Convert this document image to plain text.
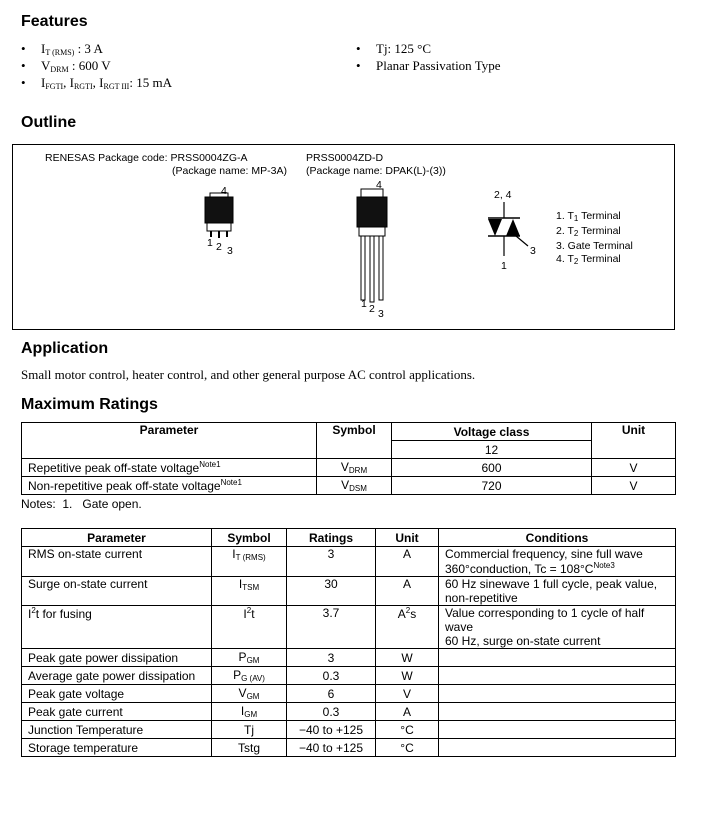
Features
• $I_{T (RMS)}$ : 3 A
• $V_{DRM}$ : 600 V
• $I_{FGTI}$, $I_{RGTI}$, $I_{RGT III}$: 15 mA
• Tj: 125 °C
• Planar Passivation Type
Outline
RENESAS Package code: PRSS0004ZG-A
(Package name: MP-3A)
PRSS0004ZD-D
(Package name: DPAK(L)-(3))
4
1 2 3
4
1 2 3
2, 4
3
1
1. $T_1$ Terminal
2. $T_2$ Terminal
3. Gate Terminal
4. $T_2$ Terminal
Application
Small motor control, heater control, and other general purpose AC control applications.
Maximum Ratings
Parameter	Symbol	Voltage class	Unit
		12	
Repetitive peak off-state voltage$^{Note1}$	$V_{DRM}$	600	V
Non-repetitive peak off-state voltage$^{Note1}$	$V_{DSM}$	720	V
Notes:  1.   Gate open.
Parameter	Symbol	Ratings	Unit	Conditions
RMS on-state current	$I_{T (RMS)}$	3	A	Commercial frequency, sine full wave
360°conduction, $Tc = 108^\circ C^{Note3}$

Surge on-state current	$I_{TSM}$	30	A	60 Hz sinewave 1 full cycle, peak value,
non-repetitive

$I^2t$ for fusing	$I^2t$	3.7	$A^2s$	Value corresponding to 1 cycle of half wave
60 Hz, surge on-state current

Peak gate power dissipation	$P_{GM}$	3	W	
Average gate power dissipation	$P_{G (AV)}$	0.3	W	
Peak gate voltage	$V_{GM}$	6	V	
Peak gate current	$I_{GM}$	0.3	A	
Junction Temperature	Tj	−40 to +125	°C	
Storage temperature	Tstg	−40 to +125	°C	
